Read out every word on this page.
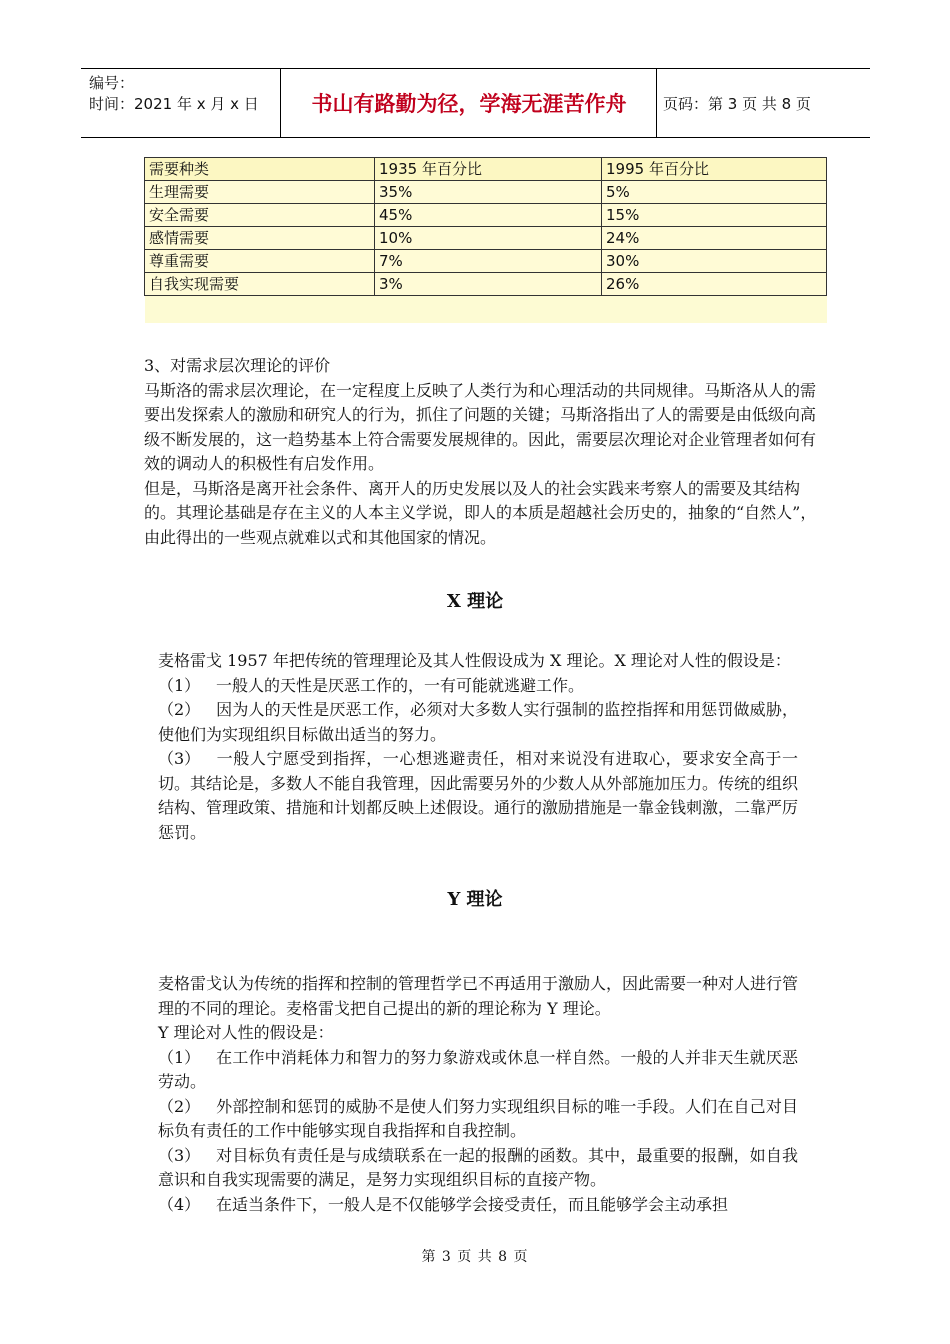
编号：
时间：2021 年 x 月 x 日	书山有路勤为径，学海无涯苦作舟	页码：第 3 页 共 8 页
需要种类	1935 年百分比	1995 年百分比
生理需要	35%	5%
安全需要	45%	15%
感情需要	10%	24%
尊重需要	7%	30%
自我实现需要	3%	26%

3、对需求层次理论的评价
马斯洛的需求层次理论，在一定程度上反映了人类行为和心理活动的共同规律。马斯洛从人的需要出发探索人的激励和研究人的行为，抓住了问题的关键；马斯洛指出了人的需要是由低级向高级不断发展的，这一趋势基本上符合需要发展规律的。因此，需要层次理论对企业管理者如何有效的调动人的积极性有启发作用。
但是，马斯洛是离开社会条件、离开人的历史发展以及人的社会实践来考察人的需要及其结构的。其理论基础是存在主义的人本主义学说，即人的本质是超越社会历史的，抽象的“自然人”，由此得出的一些观点就难以式和其他国家的情况。
X 理论
麦格雷戈 1957 年把传统的管理理论及其人性假设成为 X 理论。X 理论对人性的假设是：
（1） 一般人的天性是厌恶工作的，一有可能就逃避工作。
（2） 因为人的天性是厌恶工作，必须对大多数人实行强制的监控指挥和用惩罚做威胁，使他们为实现组织目标做出适当的努力。
（3） 一般人宁愿受到指挥，一心想逃避责任，相对来说没有进取心，要求安全高于一切。其结论是，多数人不能自我管理，因此需要另外的少数人从外部施加压力。传统的组织结构、管理政策、措施和计划都反映上述假设。通行的激励措施是一靠金钱刺激，二靠严厉惩罚。
Y 理论
麦格雷戈认为传统的指挥和控制的管理哲学已不再适用于激励人，因此需要一种对人进行管理的不同的理论。麦格雷戈把自己提出的新的理论称为 Y 理论。
Y 理论对人性的假设是：
（1） 在工作中消耗体力和智力的努力象游戏或休息一样自然。一般的人并非天生就厌恶劳动。
（2） 外部控制和惩罚的威胁不是使人们努力实现组织目标的唯一手段。人们在自己对目标负有责任的工作中能够实现自我指挥和自我控制。
（3） 对目标负有责任是与成绩联系在一起的报酬的函数。其中，最重要的报酬，如自我意识和自我实现需要的满足，是努力实现组织目标的直接产物。
（4） 在适当条件下，一般人是不仅能够学会接受责任，而且能够学会主动承担
第 3 页 共 8 页
